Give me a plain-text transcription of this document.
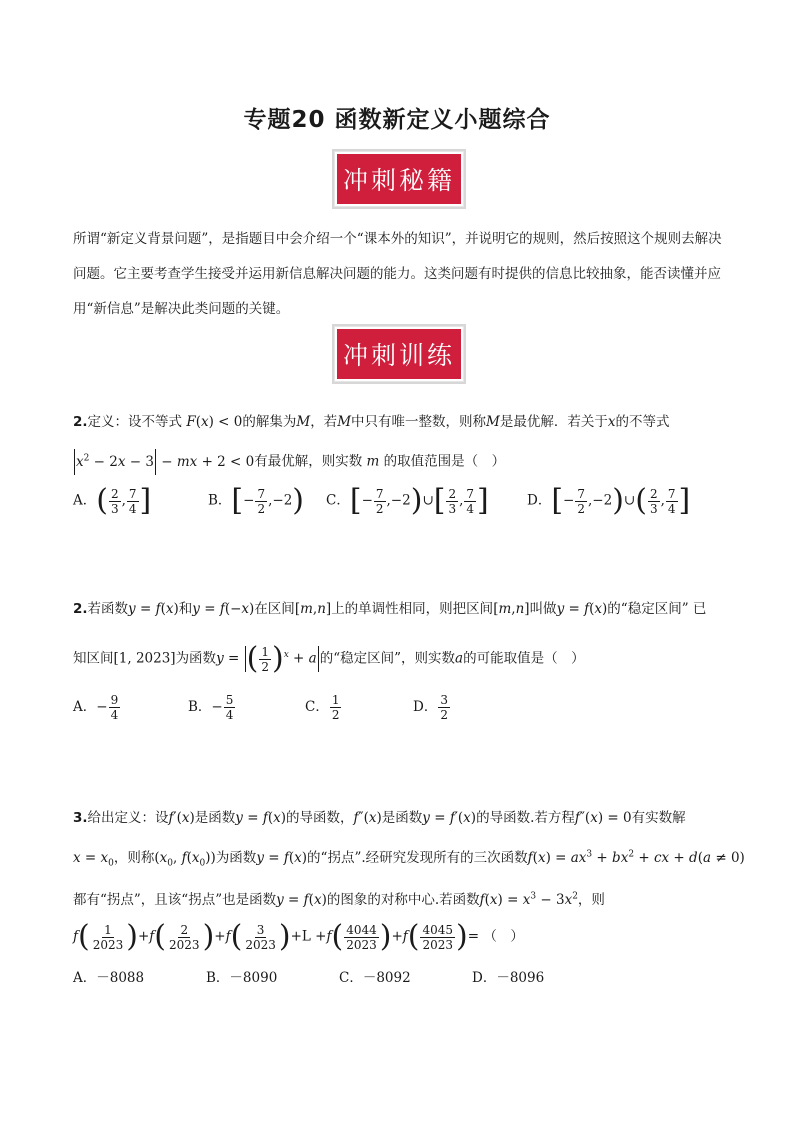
专题20 函数新定义小题综合
冲刺秘籍
所谓“新定义背景问题”，是指题目中会介绍一个“课本外的知识”，并说明它的规则，然后按照这个规则去解决问题。它主要考查学生接受并运用新信息解决问题的能力。这类问题有时提供的信息比较抽象，能否读懂并应用“新信息”是解决此类问题的关键。
冲刺训练
2.定义：设不等式 F(x) < 0的解集为M，若M中只有唯一整数，则称M是最优解．若关于x的不等式
$x^2 - 2x - 3$ − mx + 2 < 0有最优解，则实数 m 的取值范围是（　）
A．( $\frac{2}{3}$ , $\frac{7}{4}$ ]	B．[− $\frac{7}{2} ,-2$) C．[− $\frac{7}{2}$ ,−2)∪[ $\frac{2}{3}$ , $\frac{7}{4}$ ]	D．[− $\frac{7}{2}$ ,−2)∪( $\frac{2}{3}$ , $\frac{7}{4}$ ]
2.若函数y = f(x)和y = f(−x)在区间[m,n]上的单调性相同，则把区间[m,n]叫做y = f(x)的“稳定区间” 已
知区间[1, 2023]为函数y = ( $\frac{1}{2} )^x + a$ 的“稳定区间”，则实数a的可能取值是（　）
A．− $\frac{9}{4}$	B．− $\frac{5}{4}$	C． $\frac{1}{2}$	D． $\frac{3}{2}$
3.给出定义：设f′(x)是函数y = f(x)的导函数，f″(x)是函数y = f′(x)的导函数.若方程f″(x) = 0有实数解
$x = x_0$，则称($x_0$, $f(x_0)$)为函数y = f(x)的“拐点”.经研究发现所有的三次函数$f(x) = ax^3 + bx^2$ + cx + d(a ≠ 0)
都有“拐点”，且该“拐点”也是函数y = f(x)的图象的对称中心.若函数$f(x) = x^3 - 3x^2$，则
$f( \frac{1}{2023} )+f( \frac{2}{2023} )+f( \frac{3}{2023} )+L +f( \frac{4044}{2023} )+f( \frac{4045}{2023}$ )= （　）
A．－8088	B．－8090	C．－8092	D．－8096
